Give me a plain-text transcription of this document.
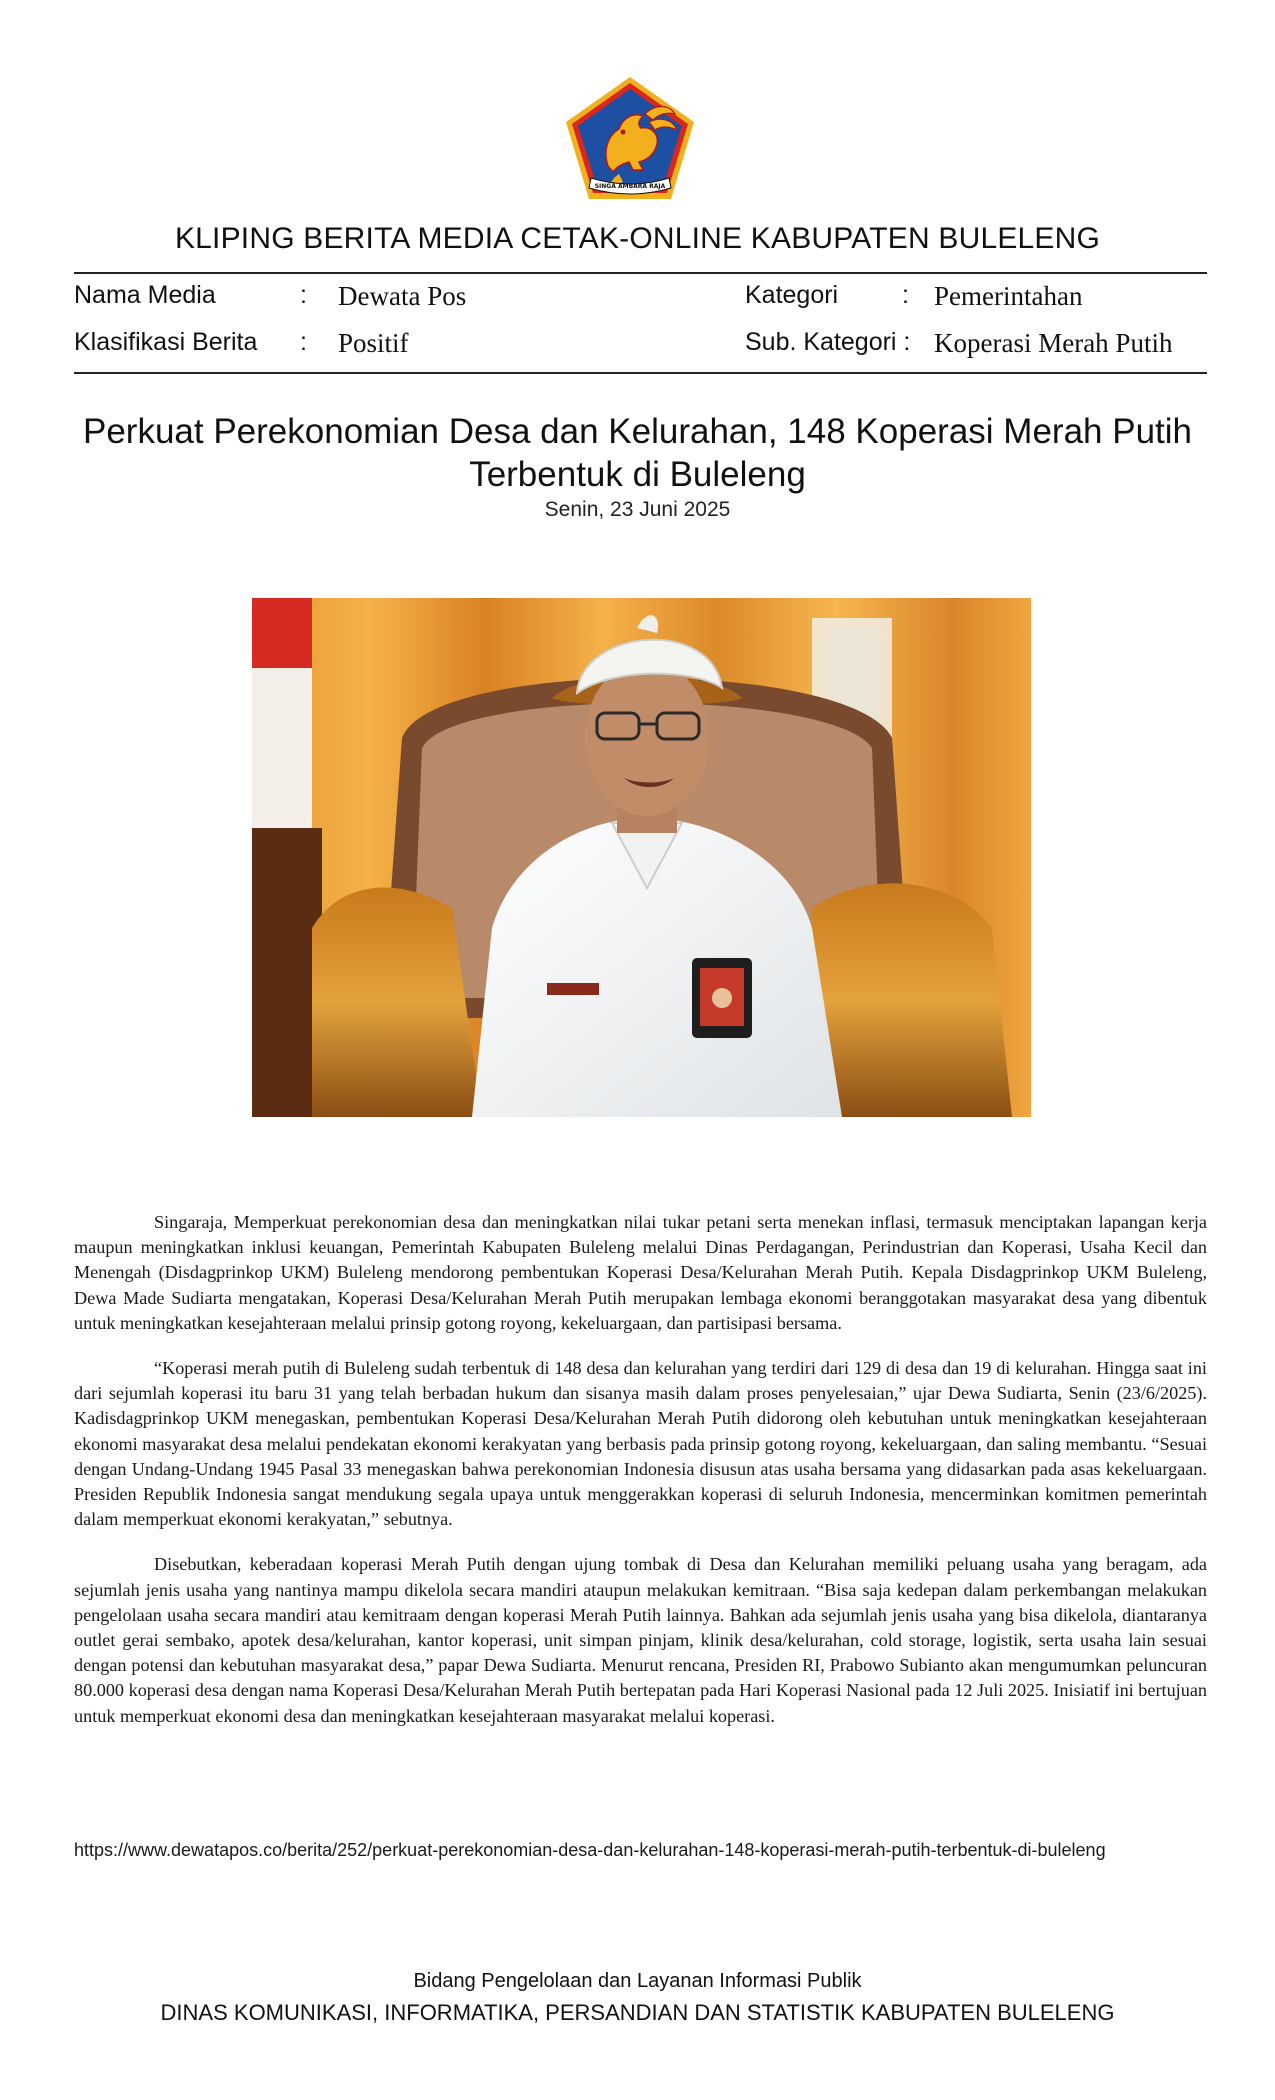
SINGA AMBARA RAJA
KLIPING BERITA MEDIA CETAK-ONLINE KABUPATEN BULELENG
Nama Media	: Dewata Pos	Kategori	: Pemerintahan
Klasifikasi Berita : Positif	Sub. Kategori : Koperasi Merah Putih
Perkuat Perekonomian Desa dan Kelurahan, 148 Koperasi Merah Putih Terbentuk di Buleleng
Senin, 23 Juni 2025

Singaraja, Memperkuat perekonomian desa dan meningkatkan nilai tukar petani serta menekan inflasi, termasuk menciptakan lapangan kerja maupun meningkatkan inklusi keuangan, Pemerintah Kabupaten Buleleng melalui Dinas Perdagangan, Perindustrian dan Koperasi, Usaha Kecil dan Menengah (Disdagprinkop UKM) Buleleng mendorong pembentukan Koperasi Desa/Kelurahan Merah Putih. Kepala Disdagprinkop UKM Buleleng, Dewa Made Sudiarta mengatakan, Koperasi Desa/Kelurahan Merah Putih merupakan lembaga ekonomi beranggotakan masyarakat desa yang dibentuk untuk meningkatkan kesejahteraan melalui prinsip gotong royong, kekeluargaan, dan partisipasi bersama.

“Koperasi merah putih di Buleleng sudah terbentuk di 148 desa dan kelurahan yang terdiri dari 129 di desa dan 19 di kelurahan. Hingga saat ini dari sejumlah koperasi itu baru 31 yang telah berbadan hukum dan sisanya masih dalam proses penyelesaian,” ujar Dewa Sudiarta, Senin (23/6/2025). Kadisdagprinkop UKM menegaskan, pembentukan Koperasi Desa/Kelurahan Merah Putih didorong oleh kebutuhan untuk meningkatkan kesejahteraan ekonomi masyarakat desa melalui pendekatan ekonomi kerakyatan yang berbasis pada prinsip gotong royong, kekeluargaan, dan saling membantu. “Sesuai dengan Undang-Undang 1945 Pasal 33 menegaskan bahwa perekonomian Indonesia disusun atas usaha bersama yang didasarkan pada asas kekeluargaan. Presiden Republik Indonesia sangat mendukung segala upaya untuk menggerakkan koperasi di seluruh Indonesia, mencerminkan komitmen pemerintah dalam memperkuat ekonomi kerakyatan,” sebutnya.

Disebutkan, keberadaan koperasi Merah Putih dengan ujung tombak di Desa dan Kelurahan memiliki peluang usaha yang beragam, ada sejumlah jenis usaha yang nantinya mampu dikelola secara mandiri ataupun melakukan kemitraan. “Bisa saja kedepan dalam perkembangan melakukan pengelolaan usaha secara mandiri atau kemitraam dengan koperasi Merah Putih lainnya. Bahkan ada sejumlah jenis usaha yang bisa dikelola, diantaranya outlet gerai sembako, apotek desa/kelurahan, kantor koperasi, unit simpan pinjam, klinik desa/kelurahan, cold storage, logistik, serta usaha lain sesuai dengan potensi dan kebutuhan masyarakat desa,” papar Dewa Sudiarta. Menurut rencana, Presiden RI, Prabowo Subianto akan mengumumkan peluncuran 80.000 koperasi desa dengan nama Koperasi Desa/Kelurahan Merah Putih bertepatan pada Hari Koperasi Nasional pada 12 Juli 2025. Inisiatif ini bertujuan untuk memperkuat ekonomi desa dan meningkatkan kesejahteraan masyarakat melalui koperasi.

https://www.dewatapos.co/berita/252/perkuat-perekonomian-desa-dan-kelurahan-148-koperasi-merah-putih-terbentuk-di-buleleng
Bidang Pengelolaan dan Layanan Informasi Publik
DINAS KOMUNIKASI, INFORMATIKA, PERSANDIAN DAN STATISTIK KABUPATEN BULELENG
